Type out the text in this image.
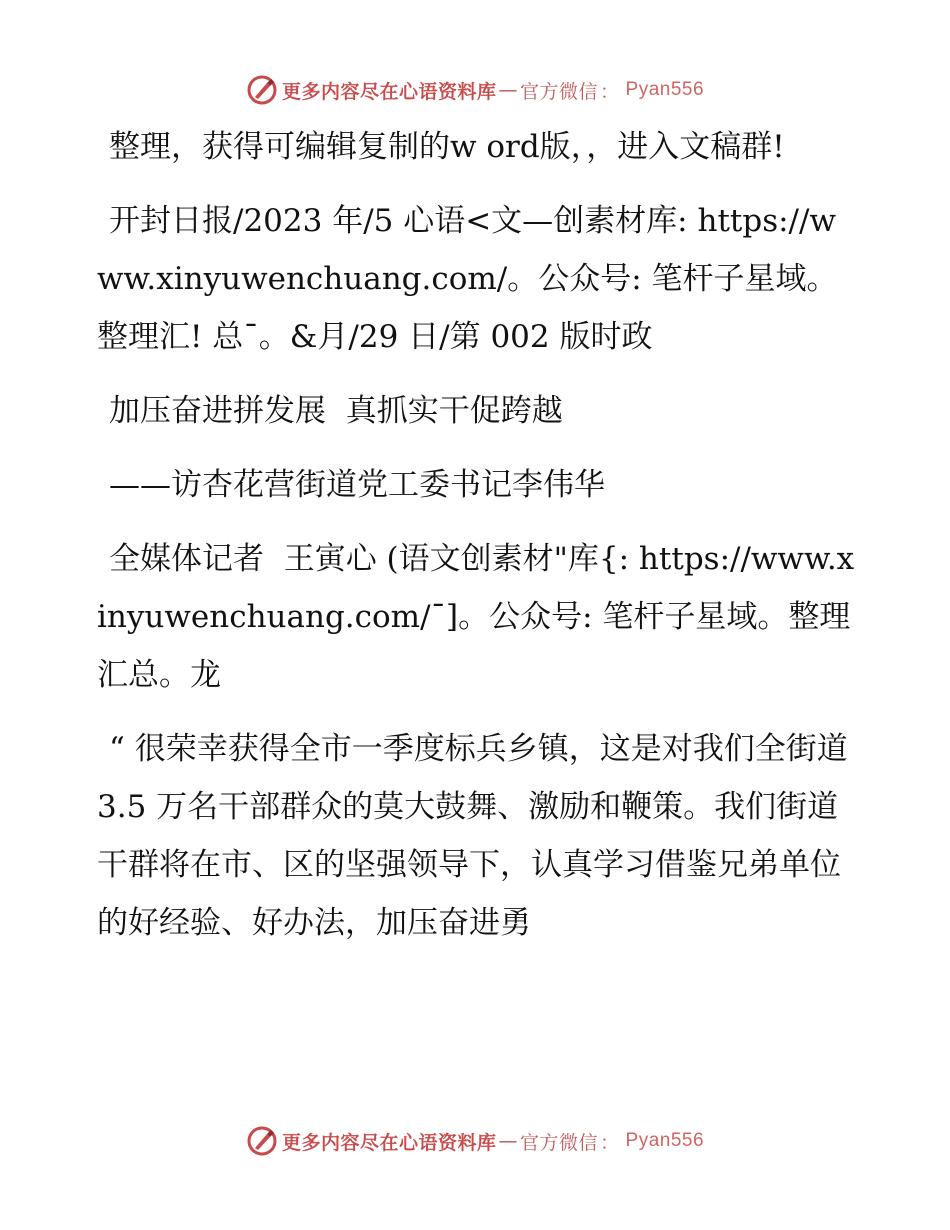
更多内容尽在心语资料库 — 官方微信 ： Pyan556

整理，获得可编辑复制的w ord版，，进入文稿群!

开封日报/2023 年/5 心语<文—创素材库: https://www.xinyuwenchuang.com/。公众号: 笔杆子星域。整理汇! 总¯。&月/29 日/第 002 版时政

加压奋进拼发展  真抓实干促跨越

——访杏花营街道党工委书记李伟华

全媒体记者  王寅心 (语文创素材"库{: https://www.xinyuwenchuang.com/¯]。公众号: 笔杆子星域。整理汇总。龙

“ 很荣幸获得全市一季度标兵乡镇，这是对我们全街道 3.5 万名干部群众的莫大鼓舞、激励和鞭策。我们街道干群将在市、区的坚强领导下，认真学习借鉴兄弟单位的好经验、好办法，加压奋进勇

更多内容尽在心语资料库 — 官方微信 ： Pyan556
